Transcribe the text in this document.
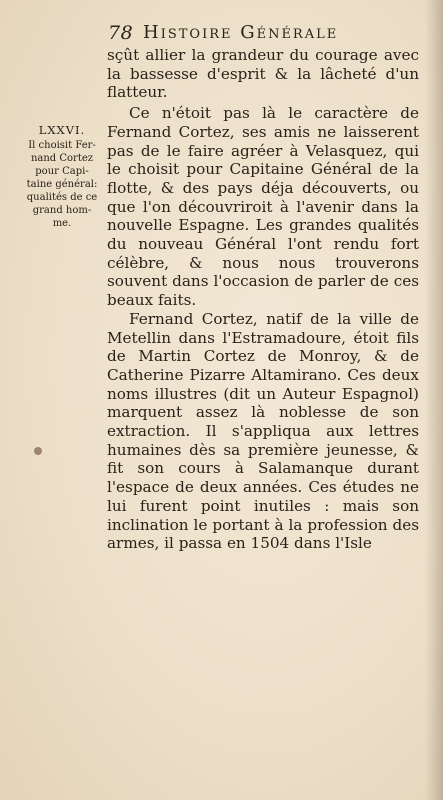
78 Histoire Générale
LXXVI.
Il choisit Fer-
nand Cortez
pour Capi-
taine général:
qualités de ce
grand hom-
me.

sçût allier la grandeur du courage avec la bassesse d'esprit & la lâcheté d'un flatteur.

Ce n'étoit pas là le caractère de Fernand Cortez, ses amis ne laisserent pas de le faire agréer à Velasquez, qui le choisit pour Capitaine Général de la flotte, & des pays déja découverts, ou que l'on découvriroit à l'avenir dans la nouvelle Espagne. Les grandes qualités du nouveau Général l'ont rendu fort célèbre, & nous nous trouverons souvent dans l'occasion de parler de ces beaux faits.

Fernand Cortez, natif de la ville de Metellin dans l'Estramadoure, étoit fils de Martin Cortez de Monroy, & de Catherine Pizarre Altamirano. Ces deux noms illustres (dit un Auteur Espagnol) marquent assez là noblesse de son extraction. Il s'appliqua aux lettres humaines dès sa première jeunesse, & fit son cours à Salamanque durant l'espace de deux années. Ces études ne lui furent point inutiles : mais son inclination le portant à la profession des armes, il passa en 1504 dans l'Isle
